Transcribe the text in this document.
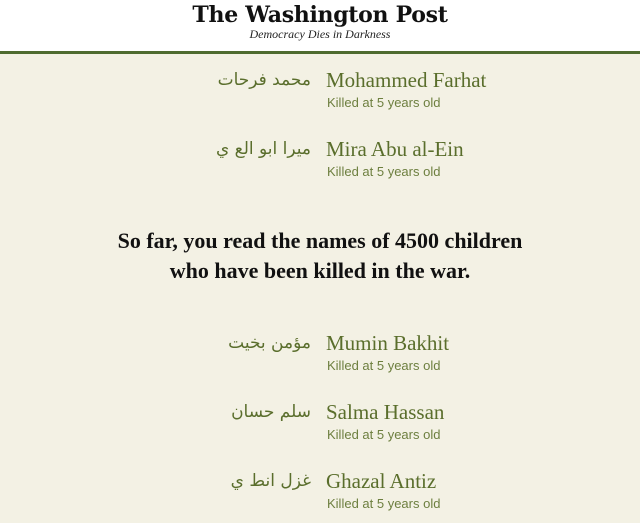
The Washington Post
Democracy Dies in Darkness
محمد فرحات Mohammed Farhat
Killed at 5 years old
ميرا ابو الع ي Mira Abu al-Ein
Killed at 5 years old
So far, you read the names of 4500 children
who have been killed in the war.
مؤمن بخيت Mumin Bakhit
Killed at 5 years old
سلم حسان Salma Hassan
Killed at 5 years old
غزل انط ي Ghazal Antiz
Killed at 5 years old
